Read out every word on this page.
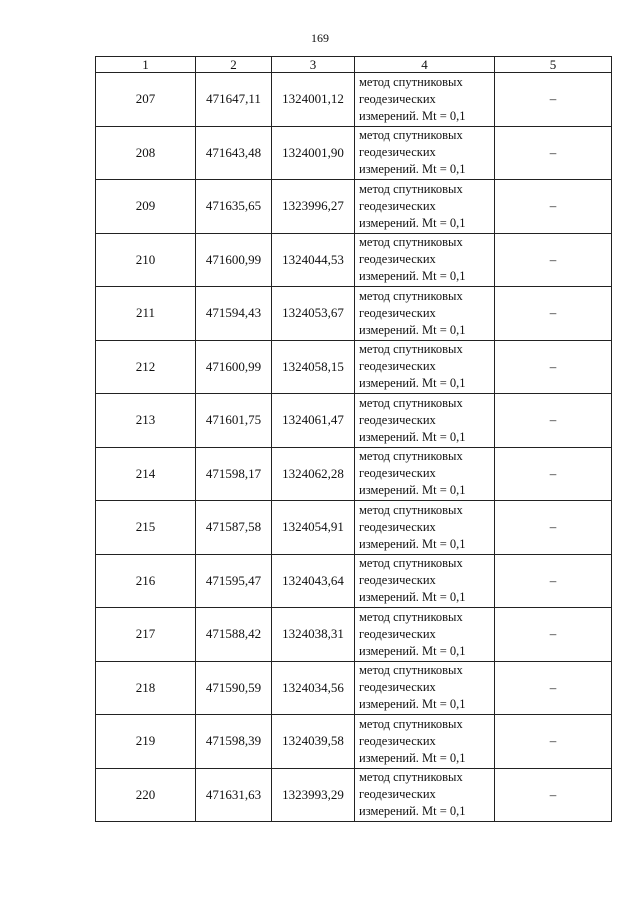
169
1	2	3	4	5
207	471647,11	1324001,12	метод спутниковых
геодезических
измерений. Mt = 0,1	–
208	471643,48	1324001,90	метод спутниковых
геодезических
измерений. Mt = 0,1	–
209	471635,65	1323996,27	метод спутниковых
геодезических
измерений. Mt = 0,1	–
210	471600,99	1324044,53	метод спутниковых
геодезических
измерений. Mt = 0,1	–
211	471594,43	1324053,67	метод спутниковых
геодезических
измерений. Mt = 0,1	–
212	471600,99	1324058,15	метод спутниковых
геодезических
измерений. Mt = 0,1	–
213	471601,75	1324061,47	метод спутниковых
геодезических
измерений. Mt = 0,1	–
214	471598,17	1324062,28	метод спутниковых
геодезических
измерений. Mt = 0,1	–
215	471587,58	1324054,91	метод спутниковых
геодезических
измерений. Mt = 0,1	–
216	471595,47	1324043,64	метод спутниковых
геодезических
измерений. Mt = 0,1	–
217	471588,42	1324038,31	метод спутниковых
геодезических
измерений. Mt = 0,1	–
218	471590,59	1324034,56	метод спутниковых
геодезических
измерений. Mt = 0,1	–
219	471598,39	1324039,58	метод спутниковых
геодезических
измерений. Mt = 0,1	–
220	471631,63	1323993,29	метод спутниковых
геодезических
измерений. Mt = 0,1	–
